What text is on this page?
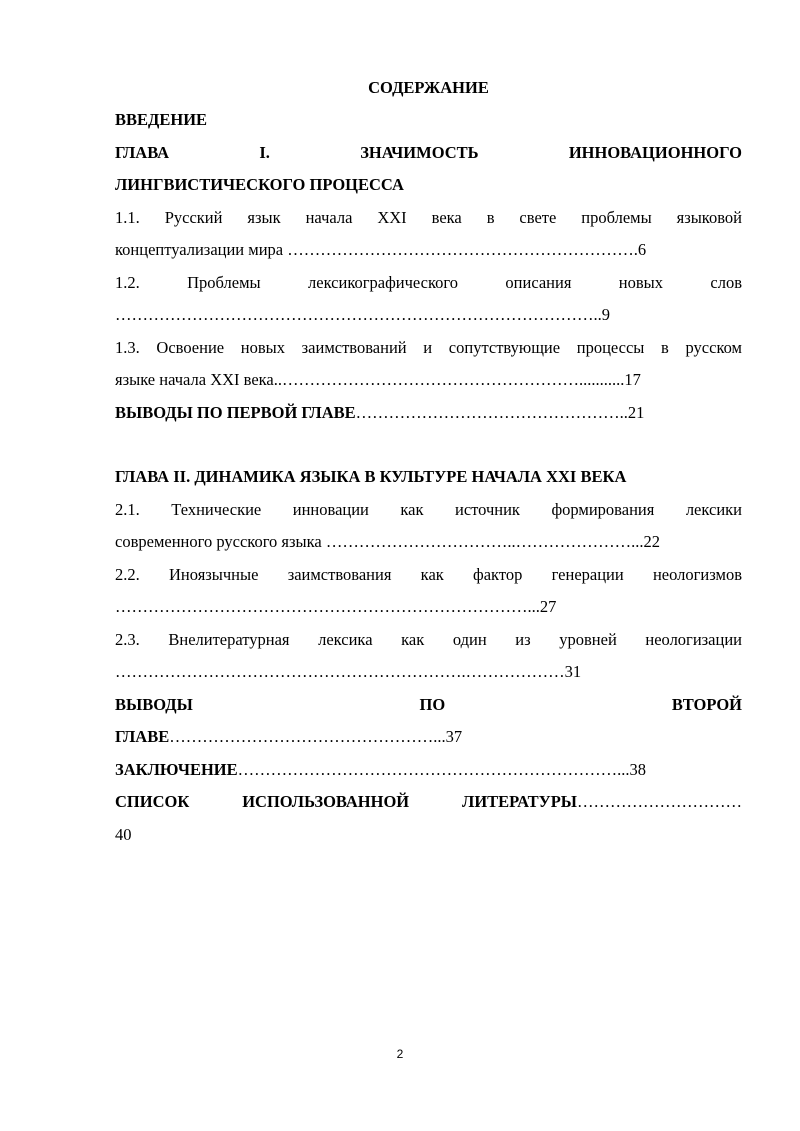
СОДЕРЖАНИЕ

ВВЕДЕНИЕ

ГЛАВА I. ЗНАЧИМОСТЬ ИННОВАЦИОННОГО

ЛИНГВИСТИЧЕСКОГО ПРОЦЕССА

1.1. Русский язык начала XXI века в свете проблемы языковой

концептуализации мира ……………………………………………………….6

1.2. Проблемы лексикографического описания новых слов

……………………………………………………………………………..9

1.3. Освоение новых заимствований и сопутствующие процессы в русском

языке начала XXI века..………………………………………………...........17

ВЫВОДЫ ПО ПЕРВОЙ ГЛАВЕ…………………………………………..21

ГЛАВА II. ДИНАМИКА ЯЗЫКА В КУЛЬТУРЕ НАЧАЛА XXI ВЕКА

2.1. Технические инновации как источник формирования лексики

современного русского языка ……………………………..…………………...22

2.2. Иноязычные заимствования как фактор генерации неологизмов

…………………………………………………………………...27

2.3. Внелитературная лексика как один из уровней неологизации

……………………………………………………….………………31

ВЫВОДЫ ПО ВТОРОЙ

ГЛАВЕ…………………………………………...37

ЗАКЛЮЧЕНИЕ……………………………………………………………...38

СПИСОК ИСПОЛЬЗОВАННОЙ ЛИТЕРАТУРЫ…………………………

40

2
